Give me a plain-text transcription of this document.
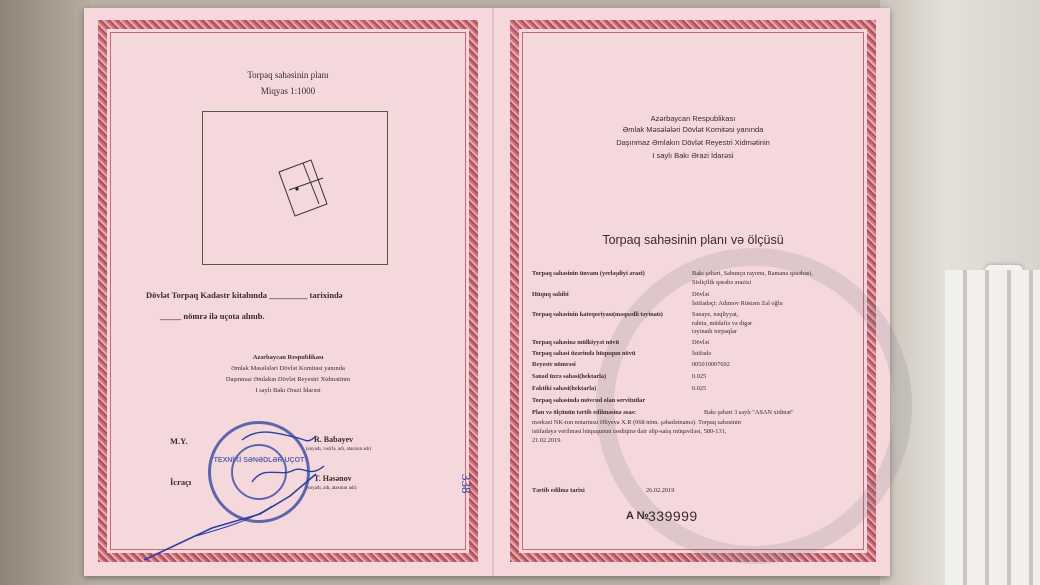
Torpaq sahəsinin planı
Miqyas 1:1000
Dövlət Torpaq Kadastr kitabında _________ tarixində
_____ nömrə ilə uçota alınıb.
Azərbaycan Respublikası
Əmlak Məsələləri Dövlət Komitəsi yanında
Daşınmaz Əmlakın Dövlət Reyestri Xidmətinin
I saylı Bakı Ərazi İdarəsi
M.Y.	R. Babayev
(soyadı, vəzifə, adı, atasının adı)
İcraçı	T. Həsənov
(soyadı, adı, atasının adı)
TEXNİKİ SƏNƏDLƏR UÇOT
338
Azərbaycan Respublikası
Əmlak Məsələləri Dövlət Komitəsi yanında
Daşınmaz Əmlakın Dövlət Reyestri Xidmətinin
I saylı Bakı Ərazi İdarəsi
Torpaq sahəsinin planı və ölçüsü
Torpaq sahəsinin ünvanı (yerləşdiyi ərazi)	Bakı şəhəri, Sabunçu rayonu, Ramana qəsəbəsi,
Sisliçilik qəsəbə ərazisi
Hüquq sahibi	Dövlət
İstifadəçi: Adımov Rüstəm Zal oğlu
Torpaq sahəsinin kateqoriyası(məqsədli təyinatı)	Sənaye, nəqliyyat,
rabitə, müdafiə və digər
təyinatlı torpaqlar
Torpaq sahəsinə mülkiyyət növü	Dövlət
Torpaq sahəsi üzərində hüququn növü	İstifadə
Reyestr nömrəsi	005010007692
Sənəd üzrə sahəsi(hektarla)	0.025
Faktiki sahəsi(hektarla)	0.025
Torpaq sahəsində mövcud olan servitutlar
Plan və ölçünün tərtib edilməsinə əsas:	Bakı şəhəri 3 saylı "ASAN xidmət"
mərkəzi NK-nın notariusu Əliyeva X.R (068 nöm. şəhadətnamə). Torpaq sahəsinin
istifadəyə verilməsi hüququnun təsdiqinə dair əlip-satış müqaviləsi, 580-131,
21.02.2019.
Tərtib edilmə tarixi	26.02.2019
A № 339999
